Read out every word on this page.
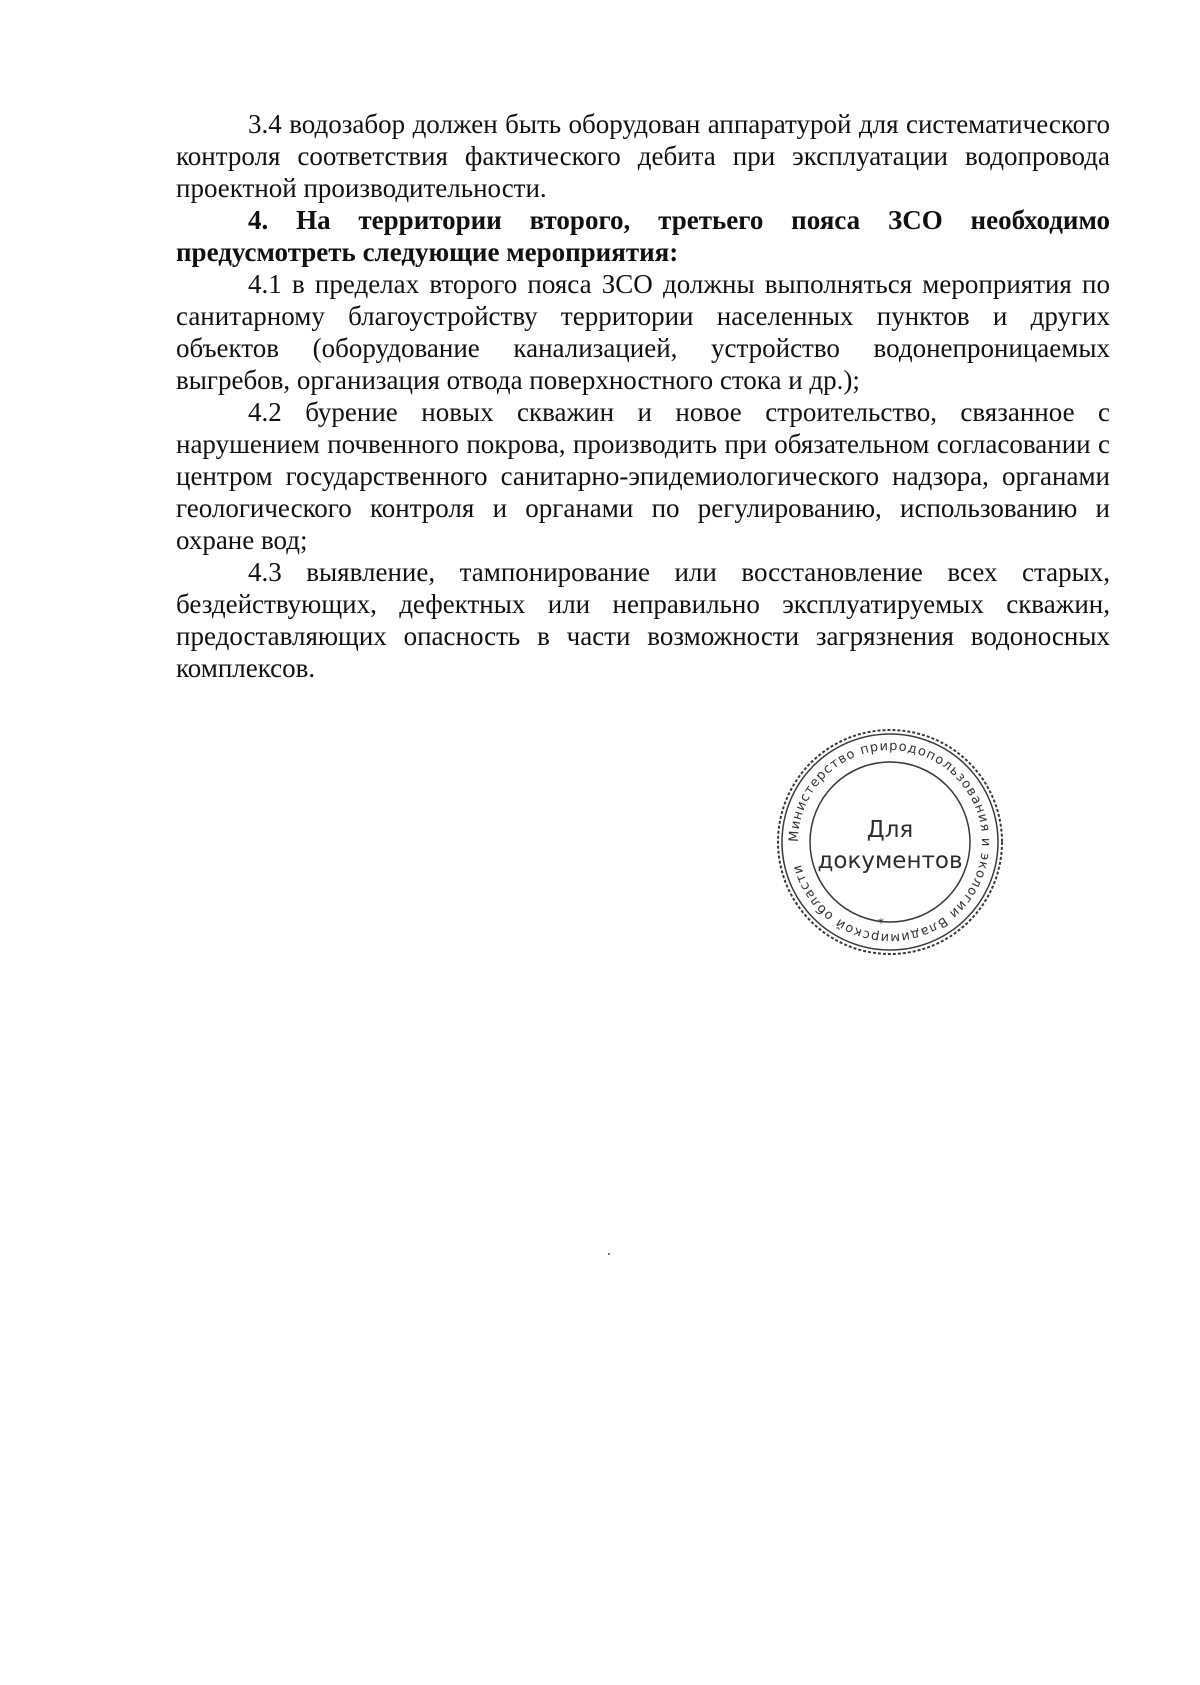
3.4 водозабор должен быть оборудован аппаратурой для систематического контроля соответствия фактического дебита при эксплуатации водопровода проектной производительности.

4. На территории второго, третьего пояса ЗСО необходимо предусмотреть следующие мероприятия:

4.1 в пределах второго пояса ЗСО должны выполняться мероприятия по санитарному благоустройству территории населенных пунктов и других объектов (оборудование канализацией, устройство водонепроницаемых выгребов, организация отвода поверхностного стока и др.);

4.2 бурение новых скважин и новое строительство, связанное с нарушением почвенного покрова, производить при обязательном согласовании с центром государственного санитарно-эпидемиологического надзора, органами геологического контроля и органами по регулированию, использованию и охране вод;

4.3 выявление, тампонирование или восстановление всех старых, бездействующих, дефектных или неправильно эксплуатируемых скважин, предоставляющих опасность в части возможности загрязнения водоносных комплексов.

Министерство природопользования и экологии Владимирской области
*
Для
документов
